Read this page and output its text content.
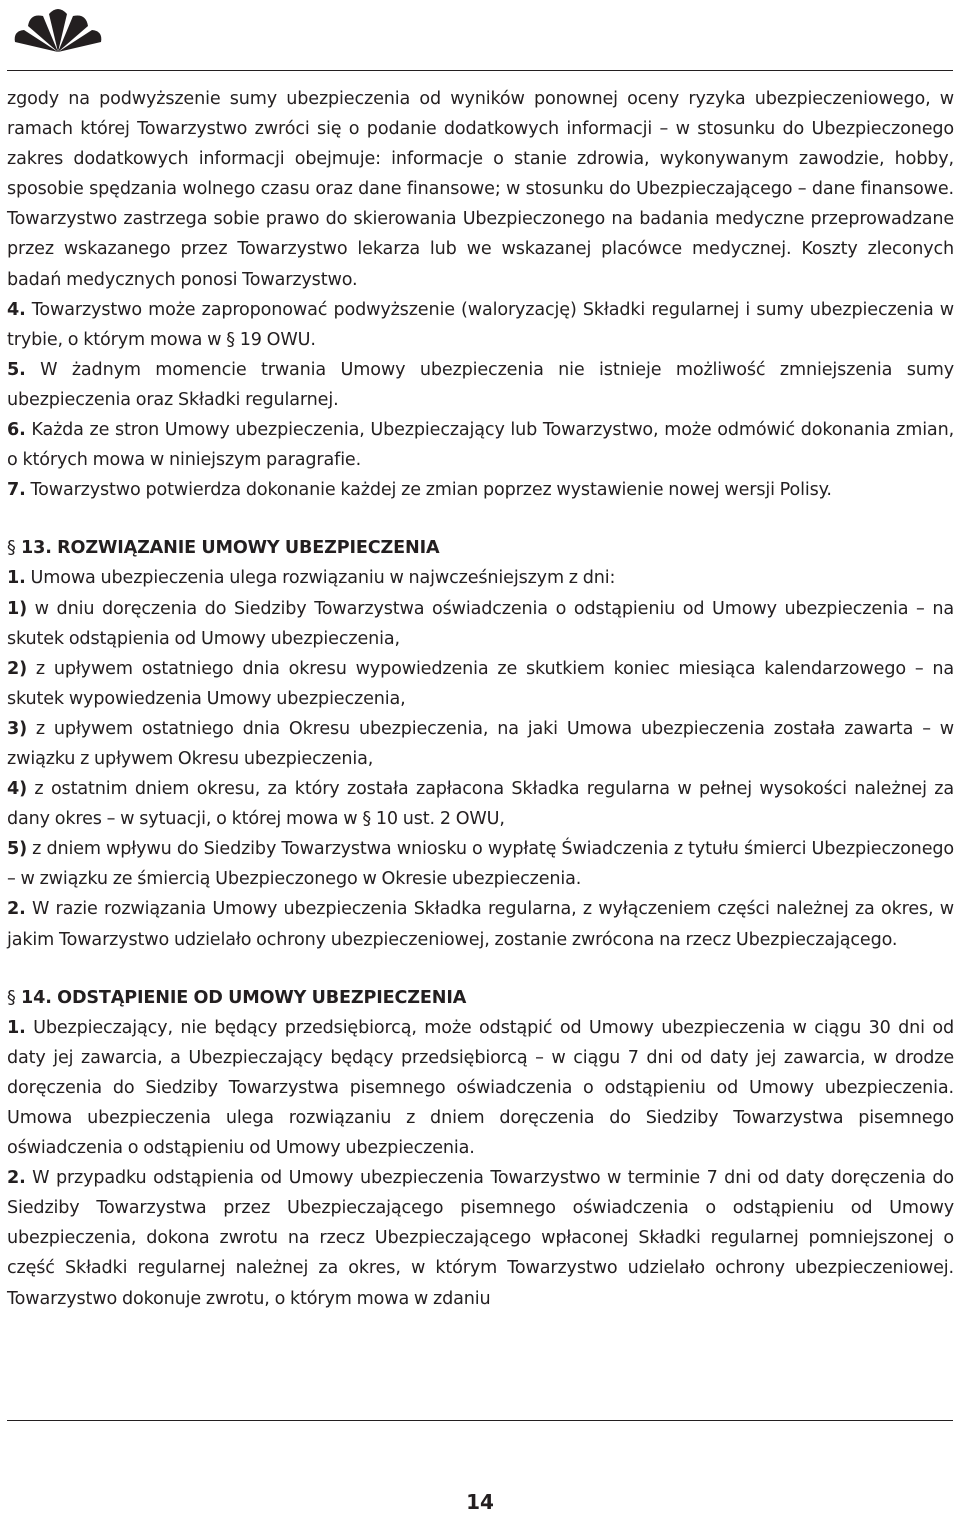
zgody na podwyższenie sumy ubezpieczenia od wyników ponownej oceny ryzyka ubezpieczeniowego, w ramach której Towarzystwo zwróci się o podanie dodatkowych informacji – w stosunku do Ubezpieczonego zakres dodatkowych informacji obejmuje: informacje o stanie zdrowia, wykonywanym zawodzie, hobby, sposobie spędzania wolnego czasu oraz dane finansowe; w stosunku do Ubezpieczającego – dane finansowe. Towarzystwo zastrzega sobie prawo do skierowania Ubezpieczonego na badania medyczne przeprowadzane przez wskazanego przez Towarzystwo lekarza lub we wskazanej placówce medycznej. Koszty zleconych badań medycznych ponosi Towarzystwo.

4. Towarzystwo może zaproponować podwyższenie (waloryzację) Składki regularnej i sumy ubezpieczenia w trybie, o którym mowa w § 19 OWU.

5. W żadnym momencie trwania Umowy ubezpieczenia nie istnieje możliwość zmniejszenia sumy ubezpieczenia oraz Składki regularnej.

6. Każda ze stron Umowy ubezpieczenia, Ubezpieczający lub Towarzystwo, może odmówić dokonania zmian, o których mowa w niniejszym paragrafie.

7. Towarzystwo potwierdza dokonanie każdej ze zmian poprzez wystawienie nowej wersji Polisy.

§ 13. ROZWIĄZANIE UMOWY UBEZPIECZENIA

1. Umowa ubezpieczenia ulega rozwiązaniu w najwcześniejszym z dni:

1) w dniu doręczenia do Siedziby Towarzystwa oświadczenia o odstąpieniu od Umowy ubezpieczenia – na skutek odstąpienia od Umowy ubezpieczenia,

2) z upływem ostatniego dnia okresu wypowiedzenia ze skutkiem koniec miesiąca kalendarzowego – na skutek wypowiedzenia Umowy ubezpieczenia,

3) z upływem ostatniego dnia Okresu ubezpieczenia, na jaki Umowa ubezpieczenia została zawarta – w związku z upływem Okresu ubezpieczenia,

4) z ostatnim dniem okresu, za który została zapłacona Składka regularna w pełnej wysokości należnej za dany okres – w sytuacji, o której mowa w § 10 ust. 2 OWU,

5) z dniem wpływu do Siedziby Towarzystwa wniosku o wypłatę Świadczenia z tytułu śmierci Ubezpieczonego – w związku ze śmiercią Ubezpieczonego w Okresie ubezpieczenia.

2. W razie rozwiązania Umowy ubezpieczenia Składka regularna, z wyłączeniem części należnej za okres, w jakim Towarzystwo udzielało ochrony ubezpieczeniowej, zostanie zwrócona na rzecz Ubezpieczającego.

§ 14. ODSTĄPIENIE OD UMOWY UBEZPIECZENIA

1. Ubezpieczający, nie będący przedsiębiorcą, może odstąpić od Umowy ubezpieczenia w ciągu 30 dni od daty jej zawarcia, a Ubezpieczający będący przedsiębiorcą – w ciągu 7 dni od daty jej zawarcia, w drodze doręczenia do Siedziby Towarzystwa pisemnego oświadczenia o odstąpieniu od Umowy ubezpieczenia. Umowa ubezpieczenia ulega rozwiązaniu z dniem doręczenia do Siedziby Towarzystwa pisemnego oświadczenia o odstąpieniu od Umowy ubezpieczenia.

2. W przypadku odstąpienia od Umowy ubezpieczenia Towarzystwo w terminie 7 dni od daty doręczenia do Siedziby Towarzystwa przez Ubezpieczającego pisemnego oświadczenia o odstąpieniu od Umowy ubezpieczenia, dokona zwrotu na rzecz Ubezpieczającego wpłaconej Składki regularnej pomniejszonej o część Składki regularnej należnej za okres, w którym Towarzystwo udzielało ochrony ubezpieczeniowej. Towarzystwo dokonuje zwrotu, o którym mowa w zdaniu

14
